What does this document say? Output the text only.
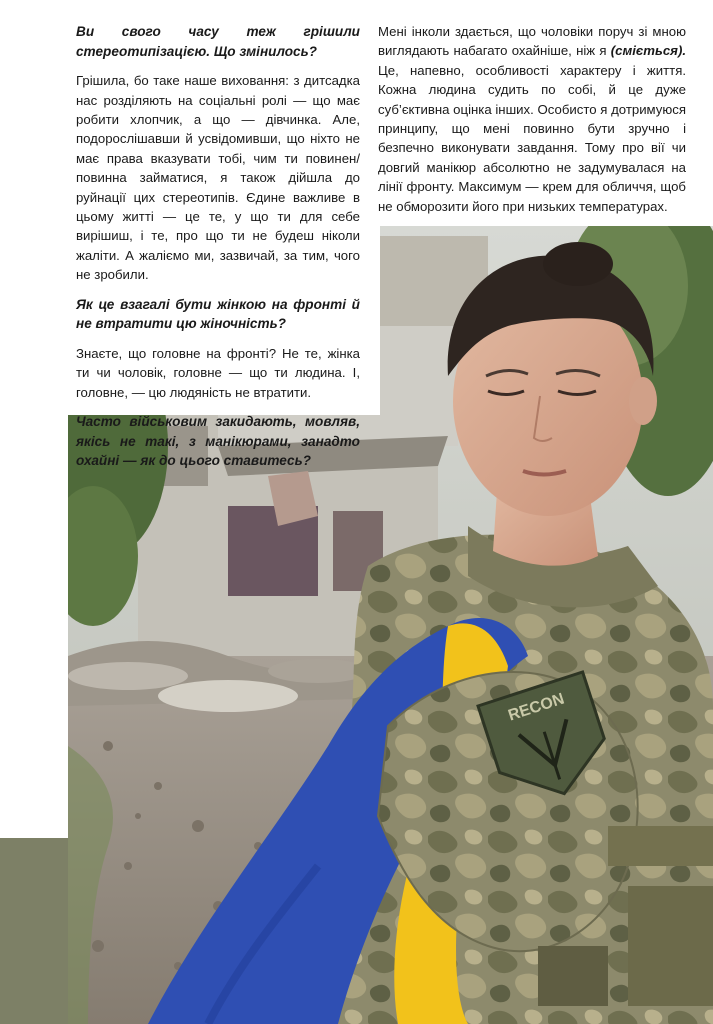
RECON

Ви свого часу теж грішили стереотипізацією. Що змінилось?

Грішила, бо таке наше виховання: з дитсадка нас розділяють на соціальні ролі — що має робити хлопчик, а що — дівчинка. Але, подорослішавши й усвідомивши, що ніхто не має права вказувати тобі, чим ти повинен/повинна займатися, я також дійшла до руйнації цих стереотипів. Єдине важливе в цьому житті — це те, у що ти для себе вирішиш, і те, про що ти не будеш ніколи жаліти. А жаліємо ми, зазвичай, за тим, чого не зробили.

Як це взагалі бути жінкою на фронті й не втратити цю жіночність?

Знаєте, що головне на фронті? Не те, жінка ти чи чоловік, головне — що ти людина. І, головне, — цю людяність не втратити.

Часто військовим закидають, мовляв, якісь не такі, з манікюрами, занадто охайні — як до цього ставитесь?

Мені інколи здається, що чоловіки поруч зі мною виглядають набагато охайніше, ніж я (сміється). Це, напевно, особливості характеру і життя. Кожна людина судить по собі, й це дуже суб’єктивна оцінка інших. Особисто я дотримуюся принципу, що мені повинно бути зручно і безпечно виконувати завдання. Тому про вії чи довгий манікюр абсолютно не задумувалася на лінії фронту. Максимум — крем для обличчя, щоб не обморозити його при низьких температурах.
